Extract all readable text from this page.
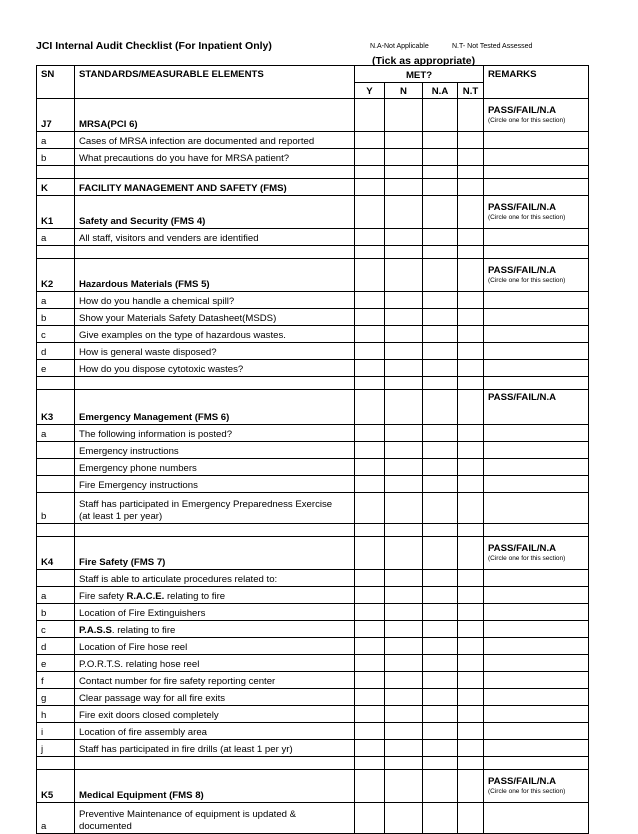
JCI Internal Audit Checklist (For Inpatient Only)	N.A-Not Applicable	N.T- Not Tested Assessed
(Tick as appropriate)
SN	STANDARDS/MEASURABLE ELEMENTS	MET?				REMARKS
		Y	N	N.A	N.T	
J7	MRSA(PCI 6)					PASS/FAIL/N.A
(Circle one for this section)

a	Cases of MRSA infection are documented and reported					
b	What precautions do you have for MRSA patient?					

K	FACILITY MANAGEMENT AND SAFETY (FMS)					
K1	Safety and Security (FMS 4)					PASS/FAIL/N.A
(Circle one for this section)

a	All staff, visitors and venders are identified					

K2	Hazardous Materials (FMS 5)					PASS/FAIL/N.A
(Circle one for this section)

a	How do you handle a chemical spill?					
b	Show your Materials Safety Datasheet(MSDS)					
c	Give examples on the type of hazardous wastes.					
d	How is general waste disposed?					
e	How do you dispose cytotoxic wastes?					

K3	Emergency Management (FMS 6)					PASS/FAIL/N.A

a	The following information is posted?					
	Emergency instructions					
	Emergency phone numbers					
	Fire Emergency instructions					
b	Staff has participated in Emergency Preparedness Exercise
(at least 1 per year)					

K4	Fire Safety (FMS 7)					PASS/FAIL/N.A
(Circle one for this section)

	Staff is able to articulate procedures related to:					
a	Fire safety R.A.C.E. relating to fire					
b	Location of Fire Extinguishers					
c	P.A.S.S. relating to fire					
d	Location of Fire hose reel					
e	P.O.R.T.S. relating hose reel					
f	Contact number for fire safety reporting center					
g	Clear passage way for all fire exits					
h	Fire exit doors closed completely					
i	Location of fire assembly area					
j	Staff has participated in fire drills (at least 1 per yr)					

K5	Medical Equipment (FMS 8)					PASS/FAIL/N.A
(Circle one for this section)

a	Preventive Maintenance of equipment is updated &
documented					
